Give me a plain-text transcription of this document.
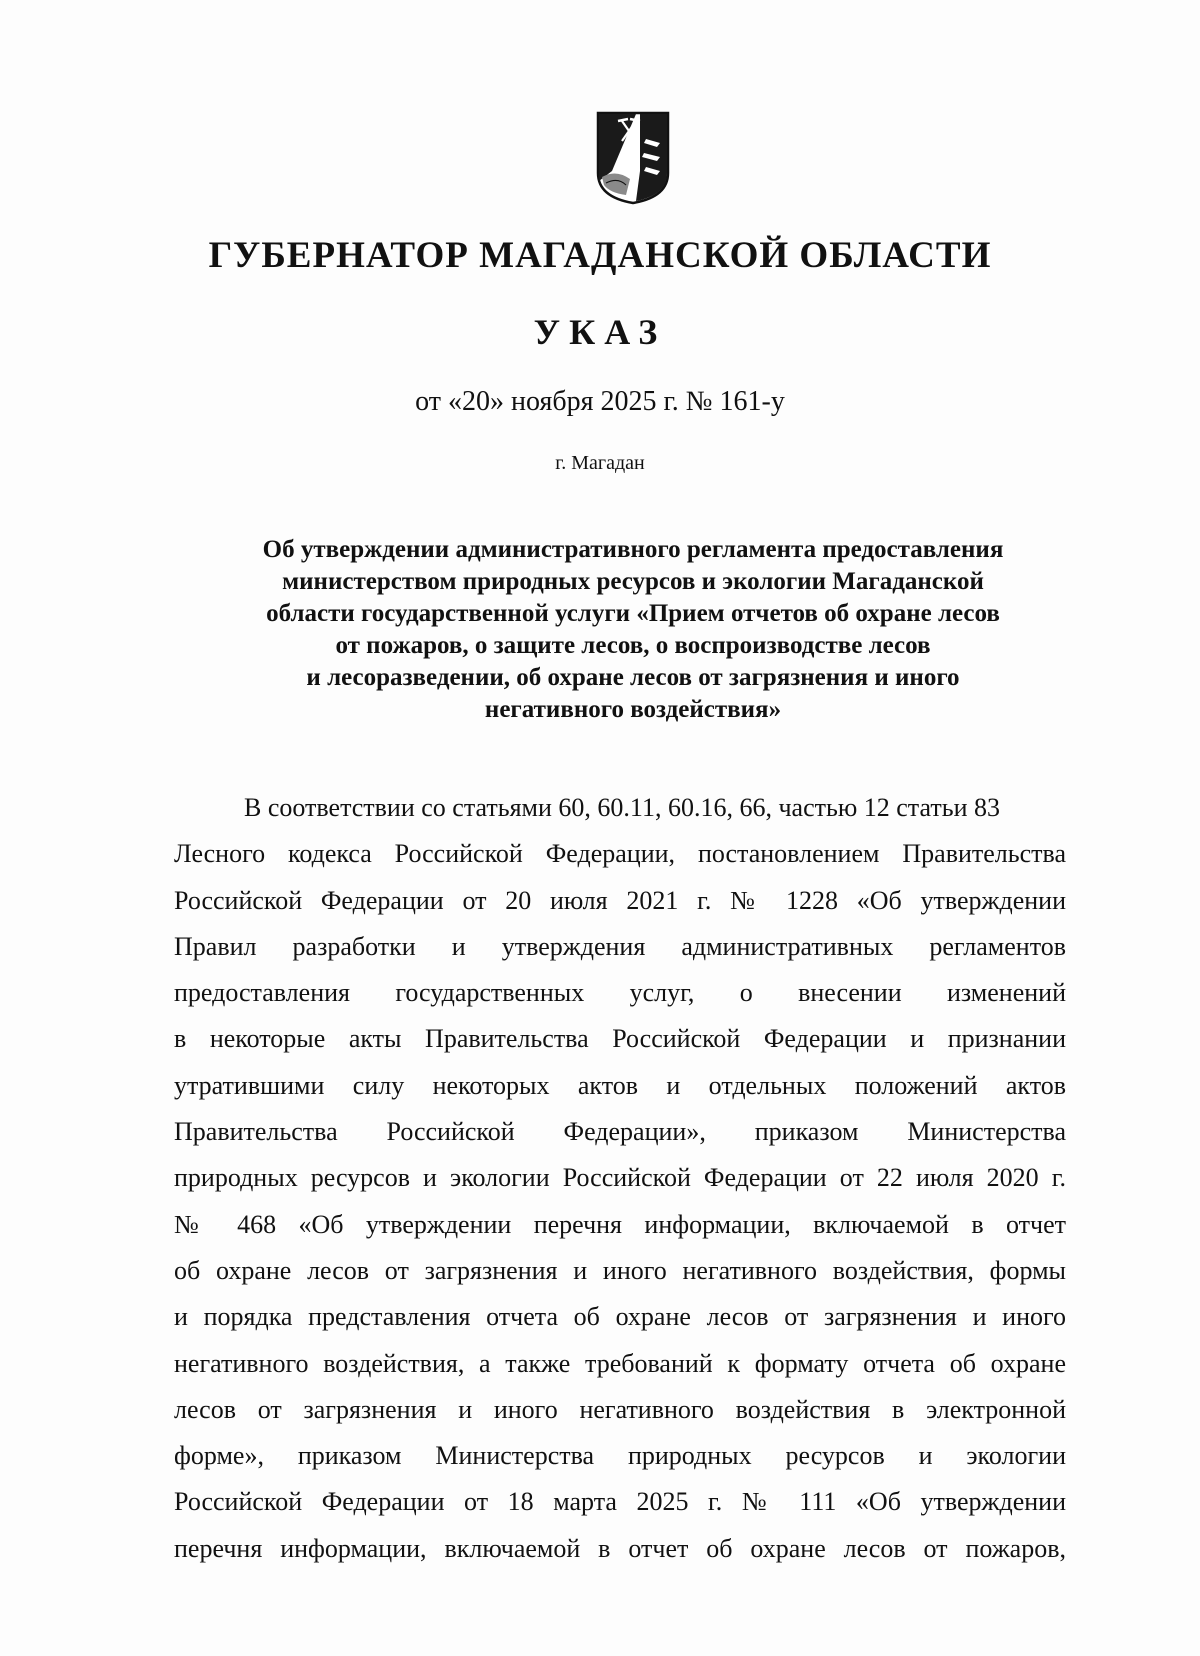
ГУБЕРНАТОР МАГАДАНСКОЙ ОБЛАСТИ
УКАЗ
от «20» ноября 2025 г. № 161-у
г. Магадан
Об утверждении административного регламента предоставления
министерством природных ресурсов и экологии Магаданской
области государственной услуги «Прием отчетов об охране лесов
от пожаров, о защите лесов, о воспроизводстве лесов
и лесоразведении, об охране лесов от загрязнения и иного
негативного воздействия»
В соответствии со статьями 60, 60.11, 60.16, 66, частью 12 статьи 83
Лесного кодекса Российской Федерации, постановлением Правительства
Российской Федерации от 20 июля 2021 г. № 1228 «Об утверждении
Правил разработки и утверждения административных регламентов
предоставления государственных услуг, о внесении изменений
в некоторые акты Правительства Российской Федерации и признании
утратившими силу некоторых актов и отдельных положений актов
Правительства Российской Федерации», приказом Министерства
природных ресурсов и экологии Российской Федерации от 22 июля 2020 г.
№ 468 «Об утверждении перечня информации, включаемой в отчет
об охране лесов от загрязнения и иного негативного воздействия, формы
и порядка представления отчета об охране лесов от загрязнения и иного
негативного воздействия, а также требований к формату отчета об охране
лесов от загрязнения и иного негативного воздействия в электронной
форме», приказом Министерства природных ресурсов и экологии
Российской Федерации от 18 марта 2025 г. № 111 «Об утверждении
перечня информации, включаемой в отчет об охране лесов от пожаров,
